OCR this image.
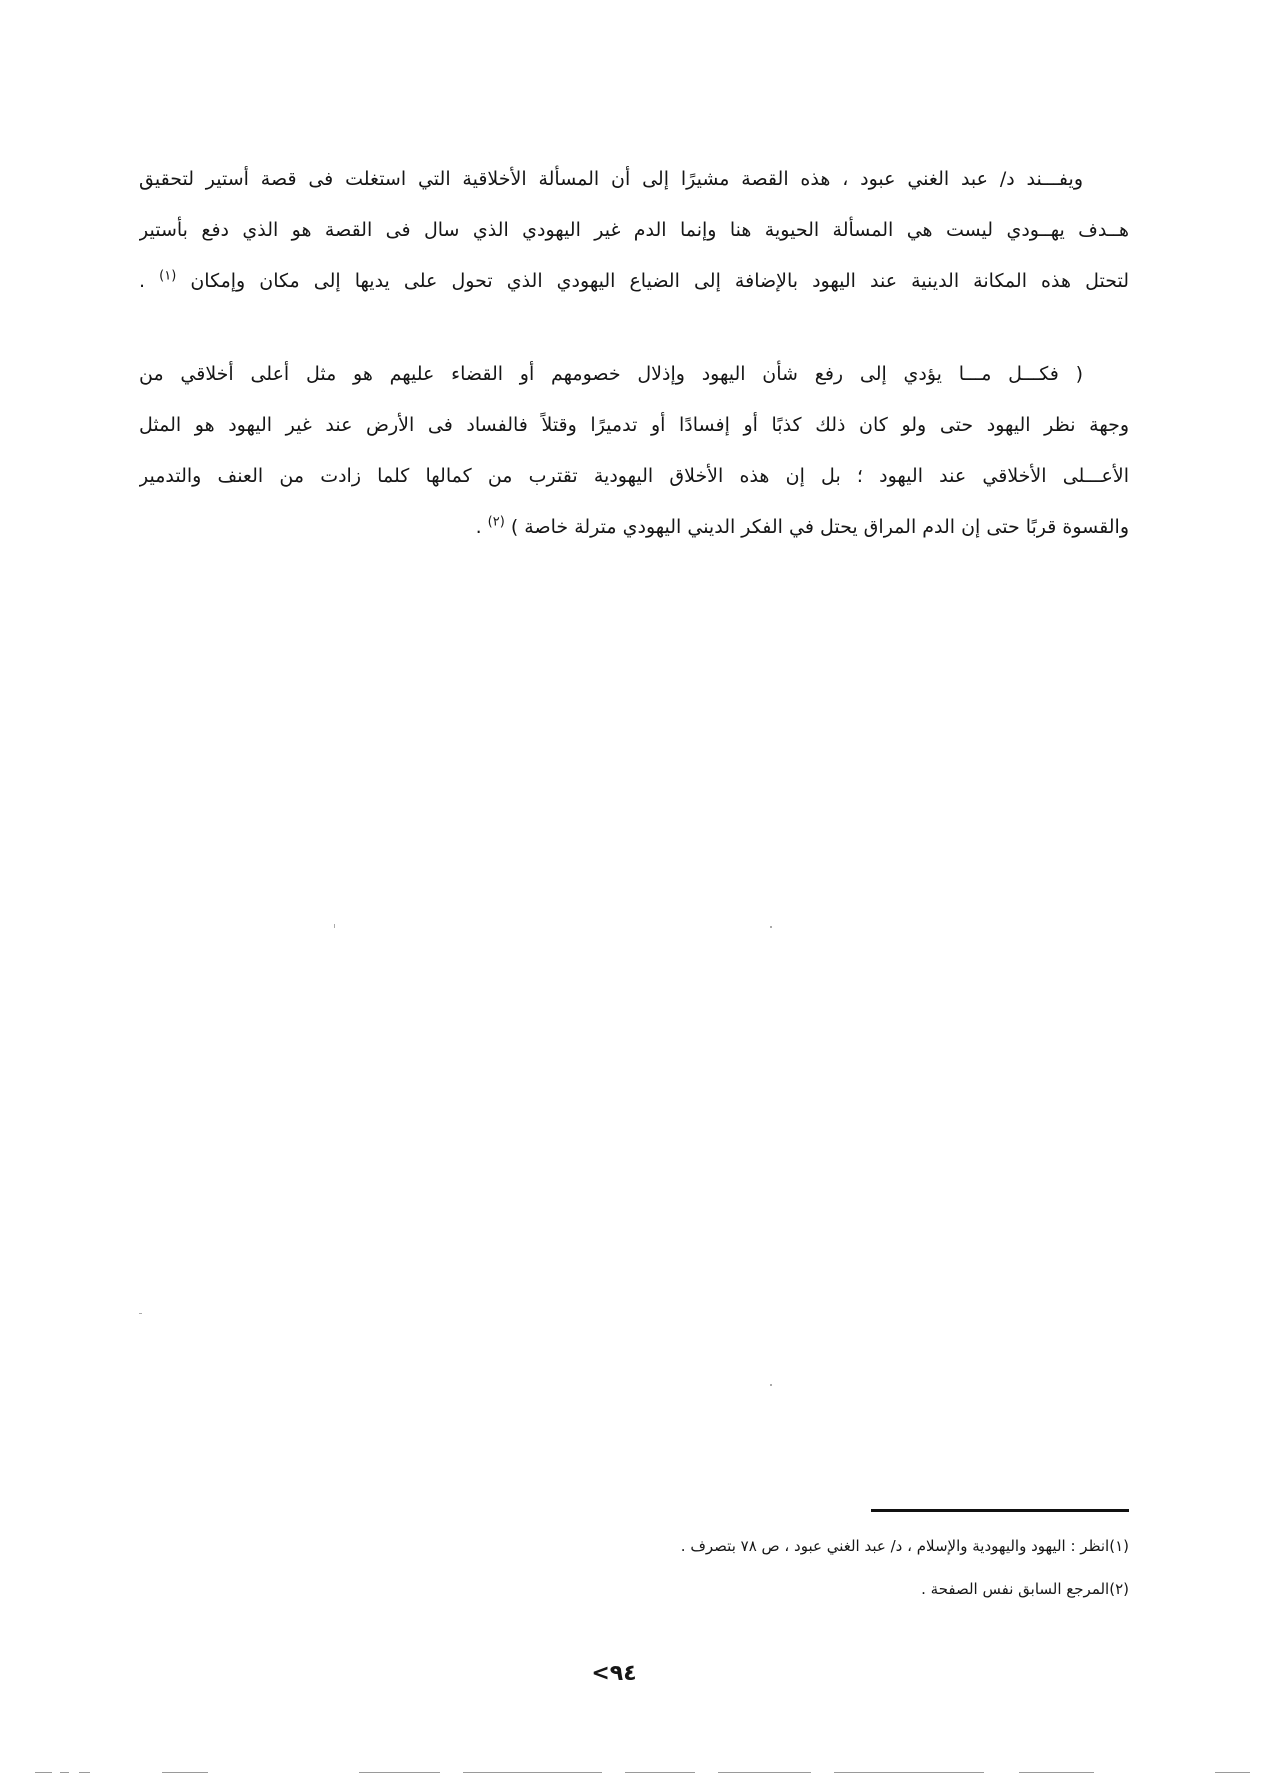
ويفـــند د/ عبد الغني عبود ، هذه القصة مشيرًا إلى أن المسألة الأخلاقية التي استغلت فى قصة أستير لتحقيق
هــدف يهــودي ليست هي المسألة الحيوية هنا وإنما الدم غير اليهودي الذي سال فى القصة هو الذي دفع بأستير
لتحتل هذه المكانة الدينية عند اليهود بالإضافة إلى الضياع اليهودي الذي تحول على يديها إلى مكان وإمكان $^{(١)}$ .
( فكـــل مـــا يؤدي إلى رفع شأن اليهود وإذلال خصومهم أو القضاء عليهم هو مثل أعلى أخلاقي من
وجهة نظر اليهود حتى ولو كان ذلك كذبًا أو إفسادًا أو تدميرًا وقتلاً فالفساد فى الأرض عند غير اليهود هو المثل
الأعـــلى الأخلاقي عند اليهود ؛ بل إن هذه الأخلاق اليهودية تقترب من كمالها كلما زادت من العنف والتدمير
والقسوة قربًا حتى إن الدم المراق يحتل في الفكر الديني اليهودي مترلة خاصة ) $^{(٢)}$ .
(١)انظر : اليهود واليهودية والإسلام ، د/ عبد الغني عبود ، ص ٧٨ بتصرف .
(٢)المرجع السابق نفس الصفحة .
<٩٤
